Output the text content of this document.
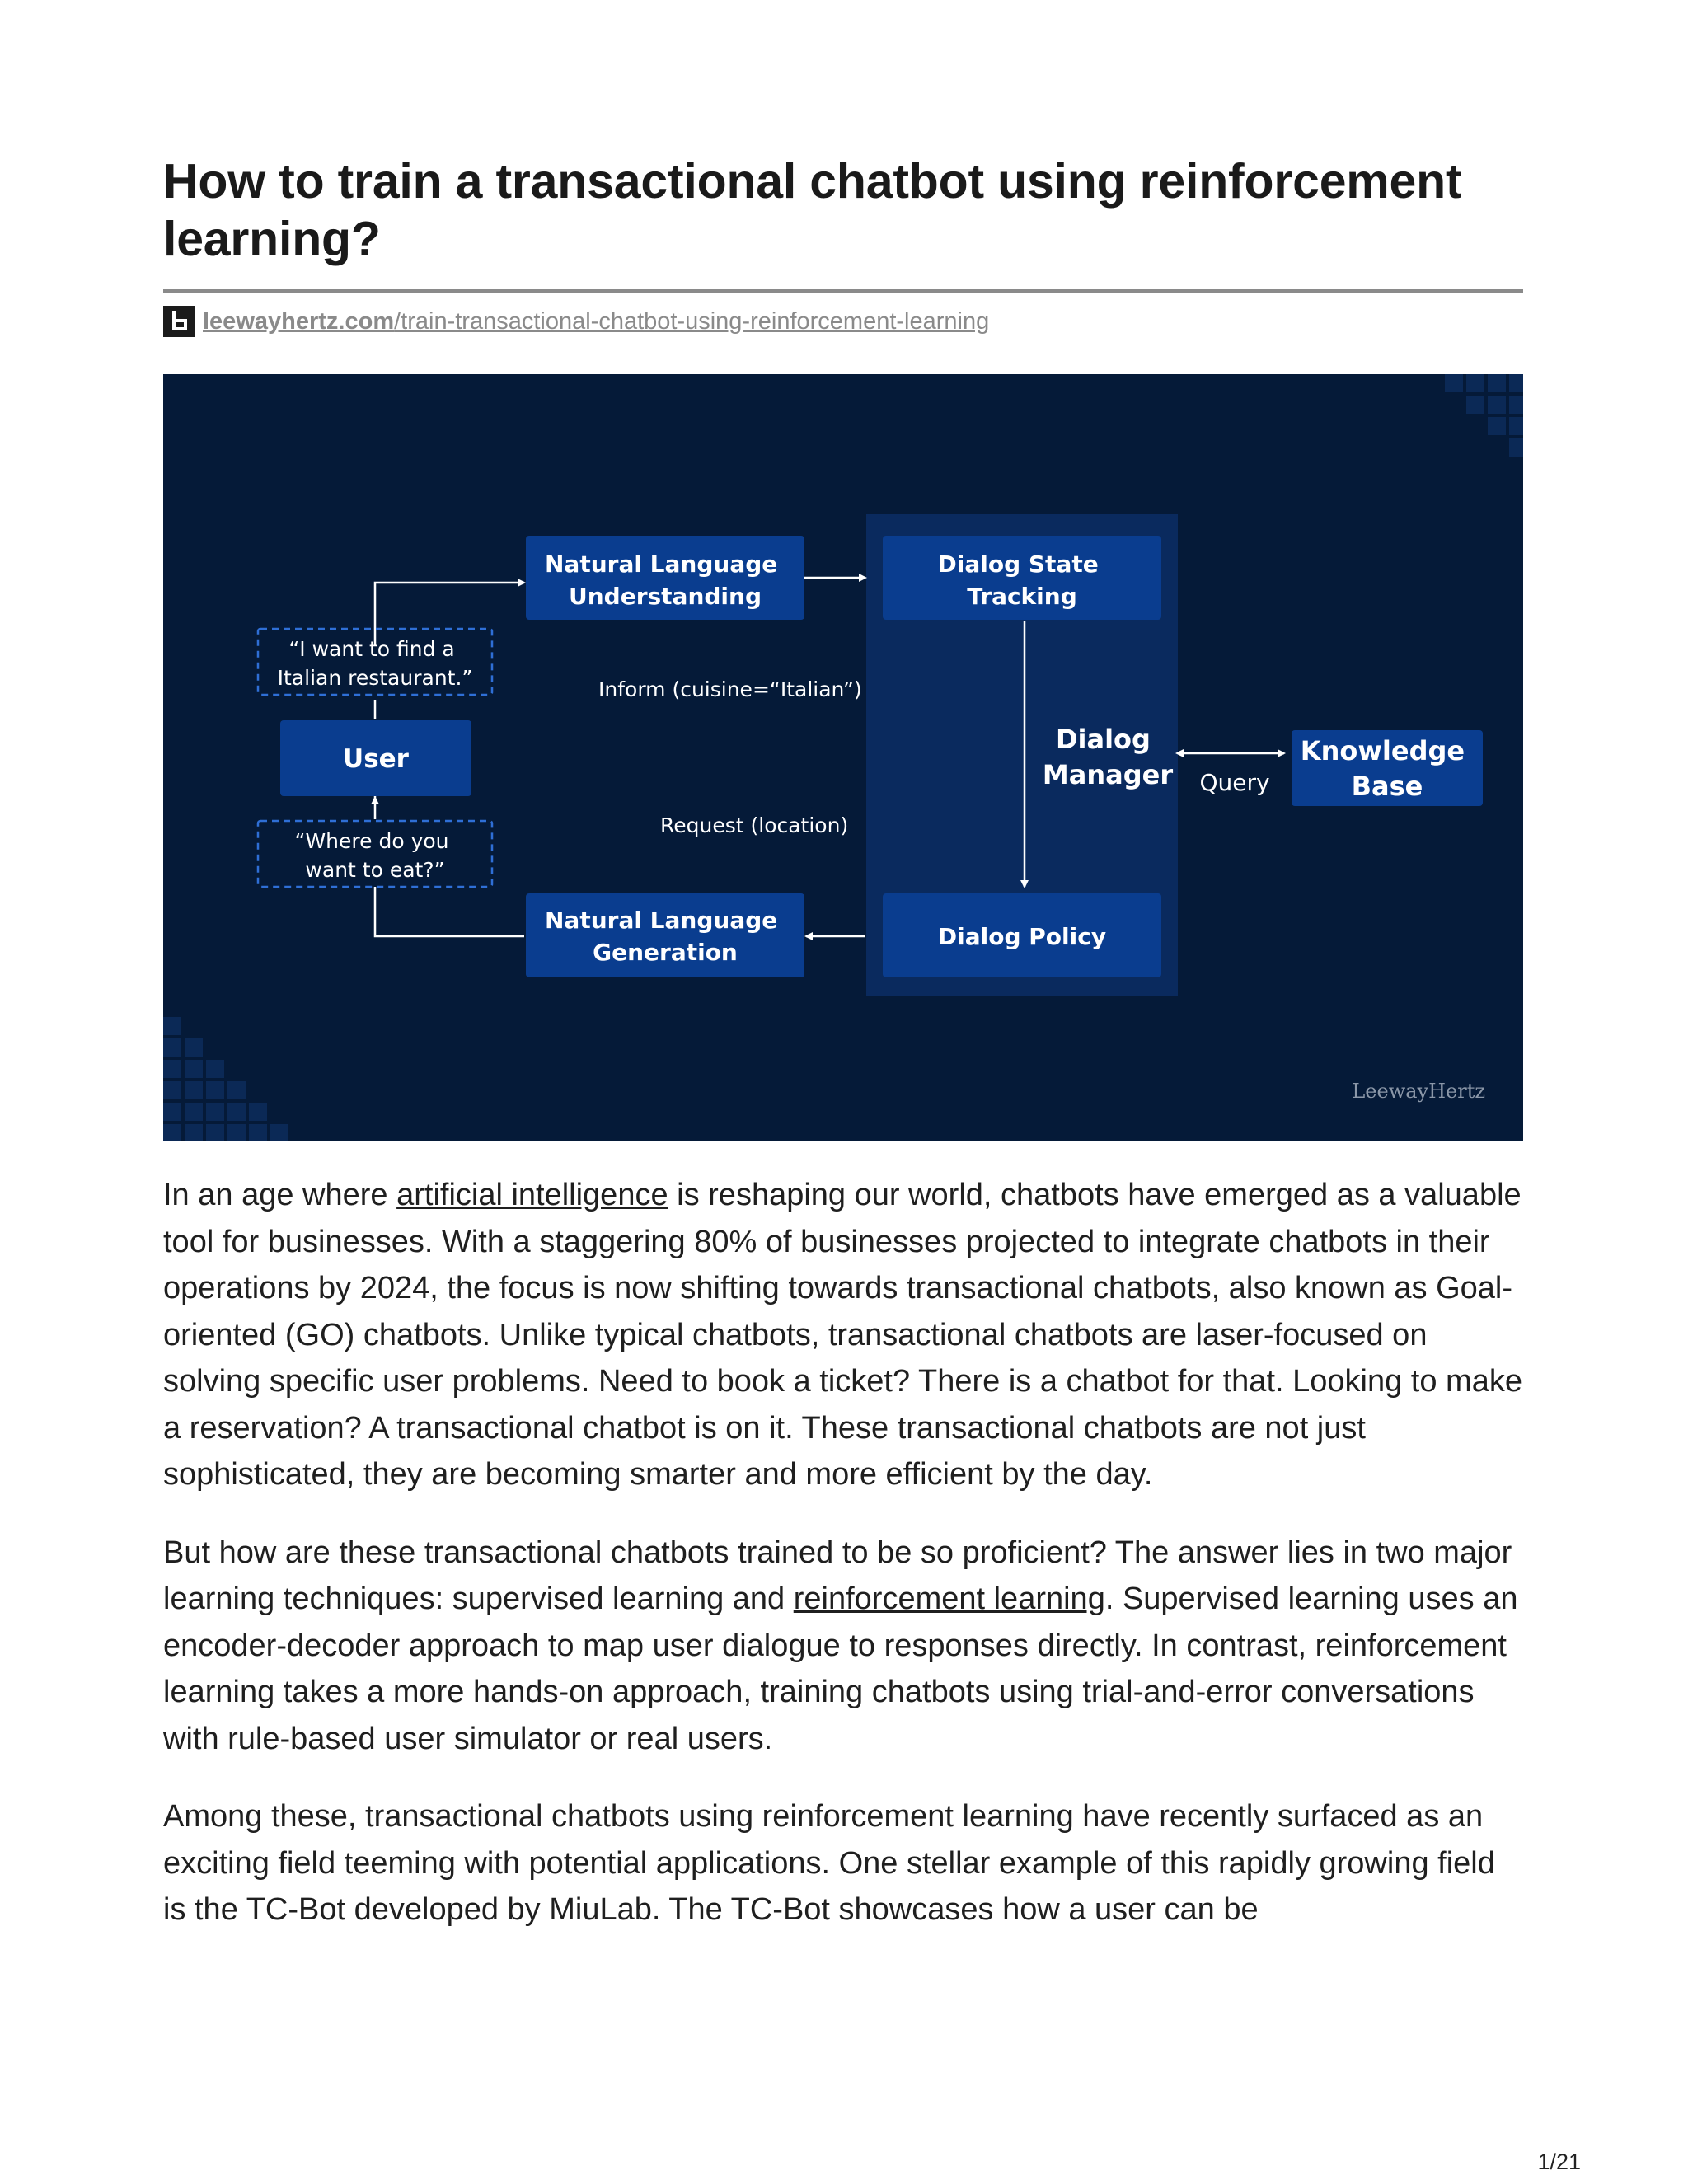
How to train a transactional chatbot using reinforcement learning?
leewayhertz.com/train-transactional-chatbot-using-reinforcement-learning
“I want to find a Italian restaurant.”
“Where do you want to eat?”
User
Natural Language Understanding
Dialog State Tracking
Dialog Manager
Dialog Policy
Natural Language Generation
Knowledge Base
Inform (cuisine=“Italian”)
Request (location)
Query
LeewayHertz

In an age where artificial intelligence is reshaping our world, chatbots have emerged as a valuable tool for businesses. With a staggering 80% of businesses projected to integrate chatbots in their operations by 2024, the focus is now shifting towards transactional chatbots, also known as Goal-oriented (GO) chatbots. Unlike typical chatbots, transactional chatbots are laser-focused on solving specific user problems. Need to book a ticket? There is a chatbot for that. Looking to make a reservation? A transactional chatbot is on it. These transactional chatbots are not just sophisticated, they are becoming smarter and more efficient by the day.

But how are these transactional chatbots trained to be so proficient? The answer lies in two major learning techniques: supervised learning and reinforcement learning. Supervised learning uses an encoder-decoder approach to map user dialogue to responses directly. In contrast, reinforcement learning takes a more hands-on approach, training chatbots using trial-and-error conversations with rule-based user simulator or real users.

Among these, transactional chatbots using reinforcement learning have recently surfaced as an exciting field teeming with potential applications. One stellar example of this rapidly growing field is the TC-Bot developed by MiuLab. The TC-Bot showcases how a user can be

1/21
